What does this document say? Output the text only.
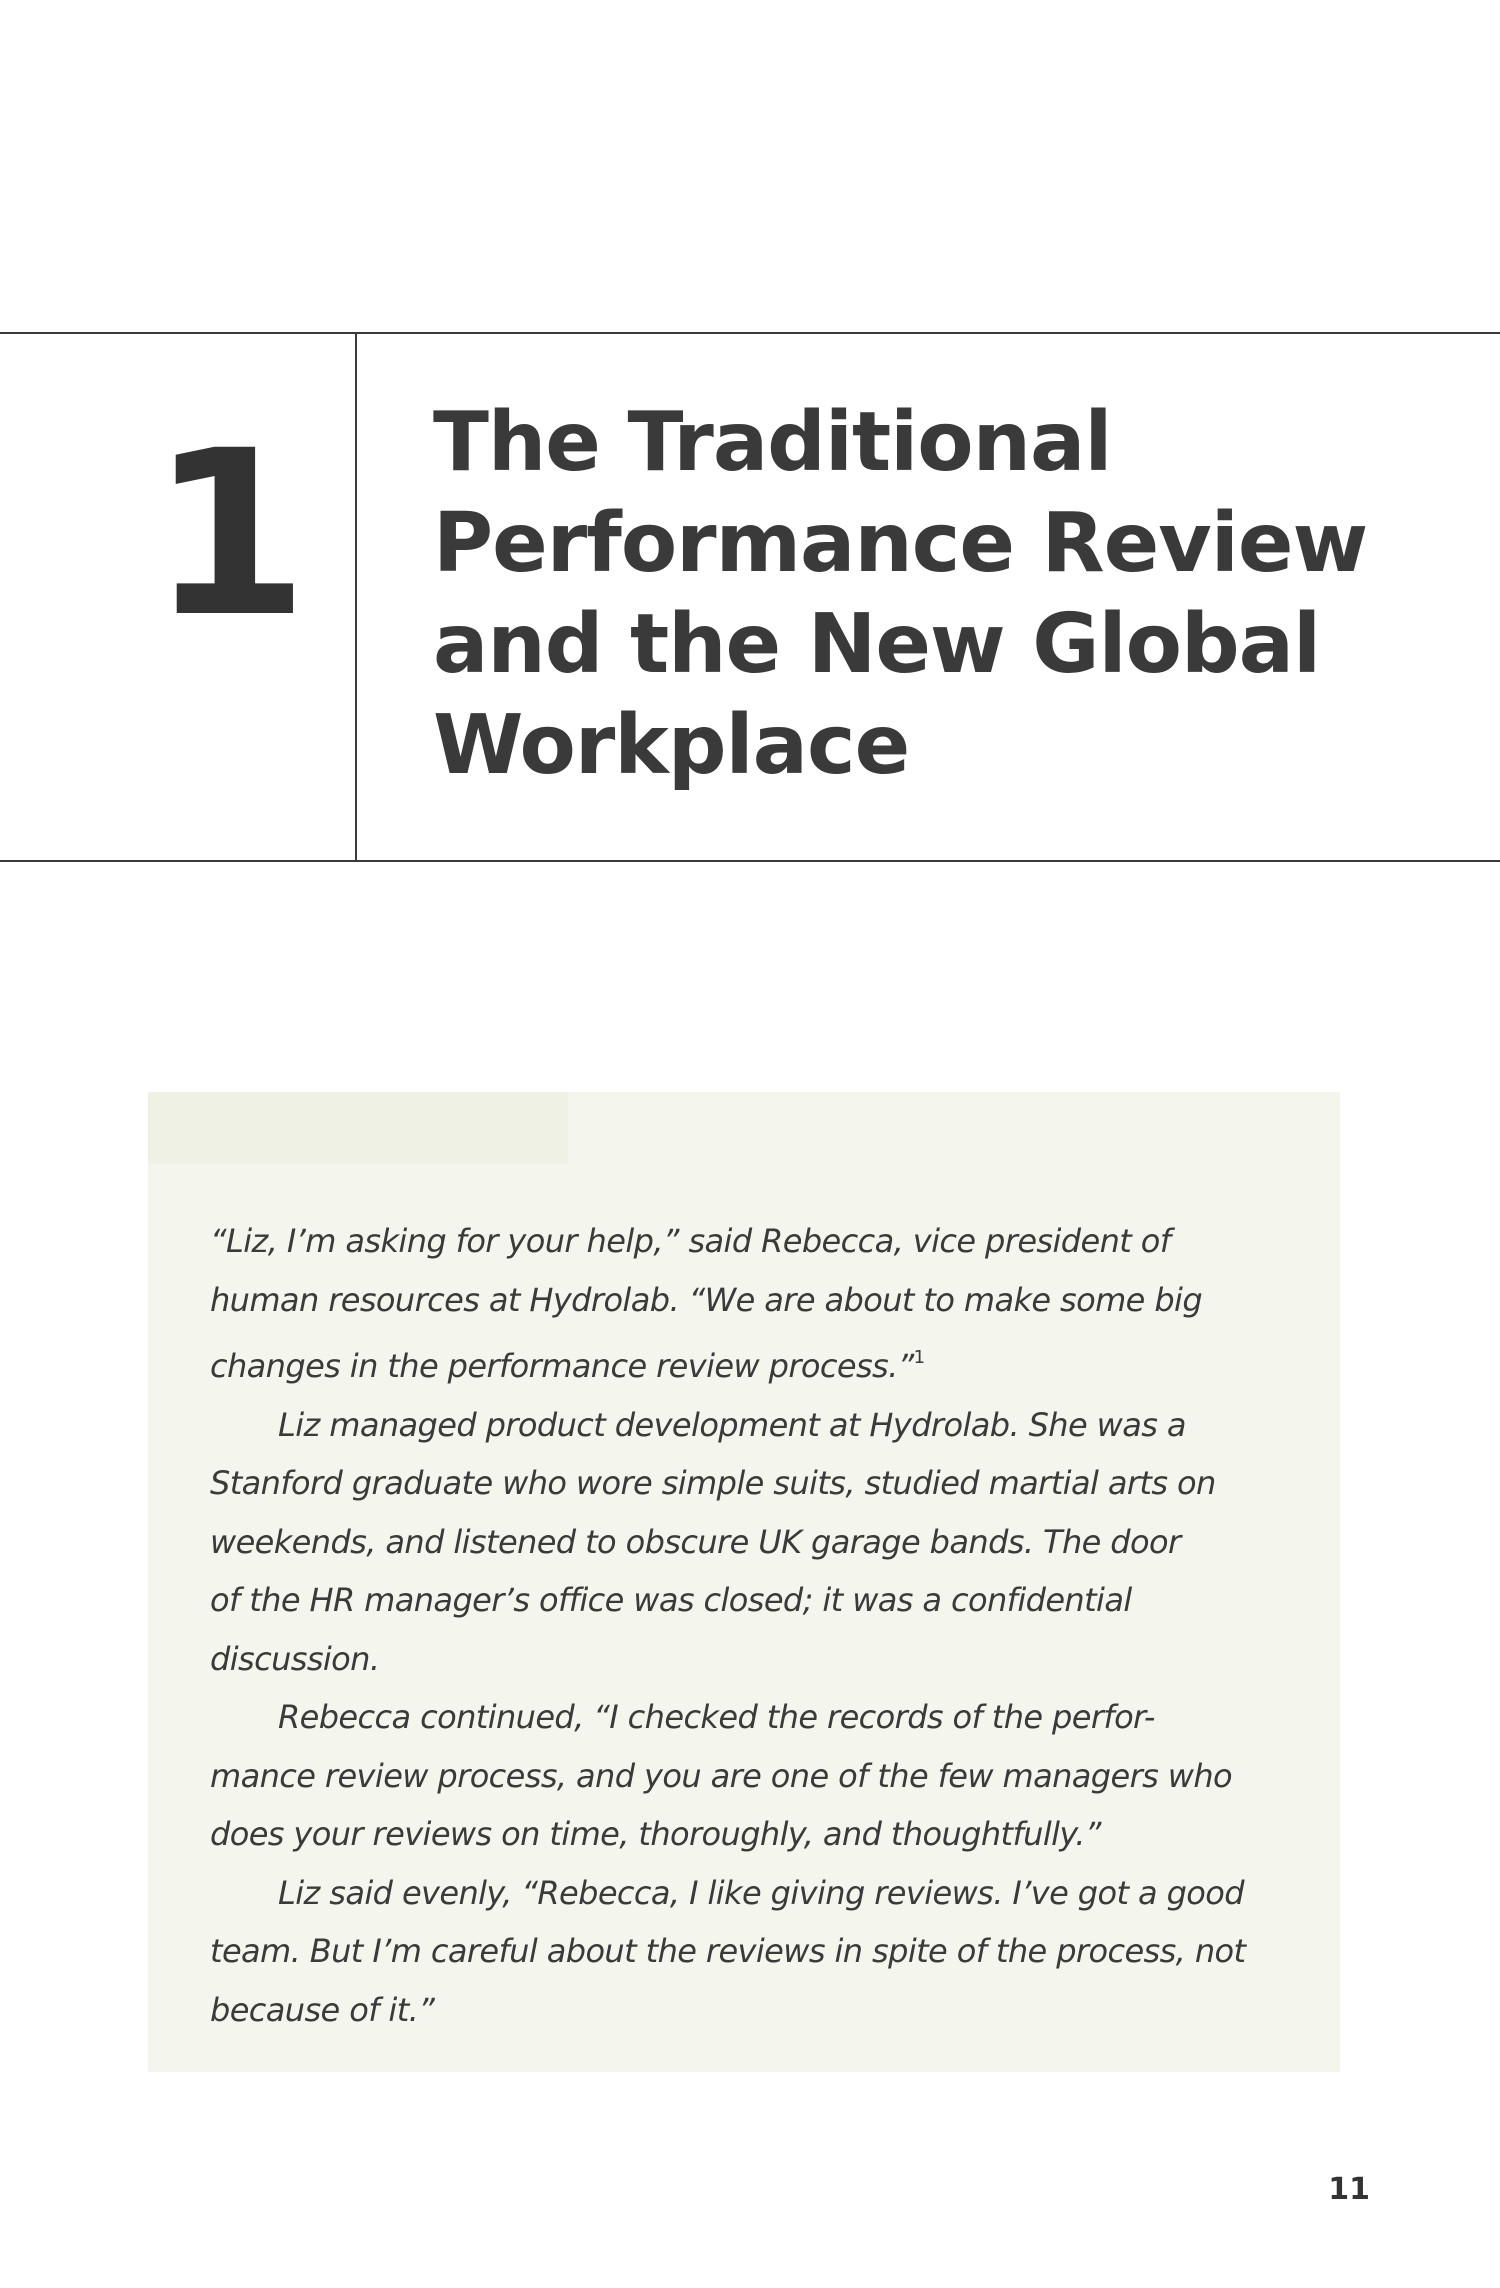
1 The Traditional
Performance Review
and the New Global
Workplace
“Liz, I’m asking for your help,” said Rebecca, vice president of
human resources at Hydrolab. “We are about to make some big
changes in the performance review process.”$^1$
Liz managed product development at Hydrolab. She was a
Stanford graduate who wore simple suits, studied martial arts on
weekends, and listened to obscure UK garage bands. The door
of the HR manager’s office was closed; it was a confidential
discussion.
Rebecca continued, “I checked the records of the perfor-
mance review process, and you are one of the few managers who
does your reviews on time, thoroughly, and thoughtfully.”
Liz said evenly, “Rebecca, I like giving reviews. I’ve got a good
team. But I’m careful about the reviews in spite of the process, not
because of it.”
11
